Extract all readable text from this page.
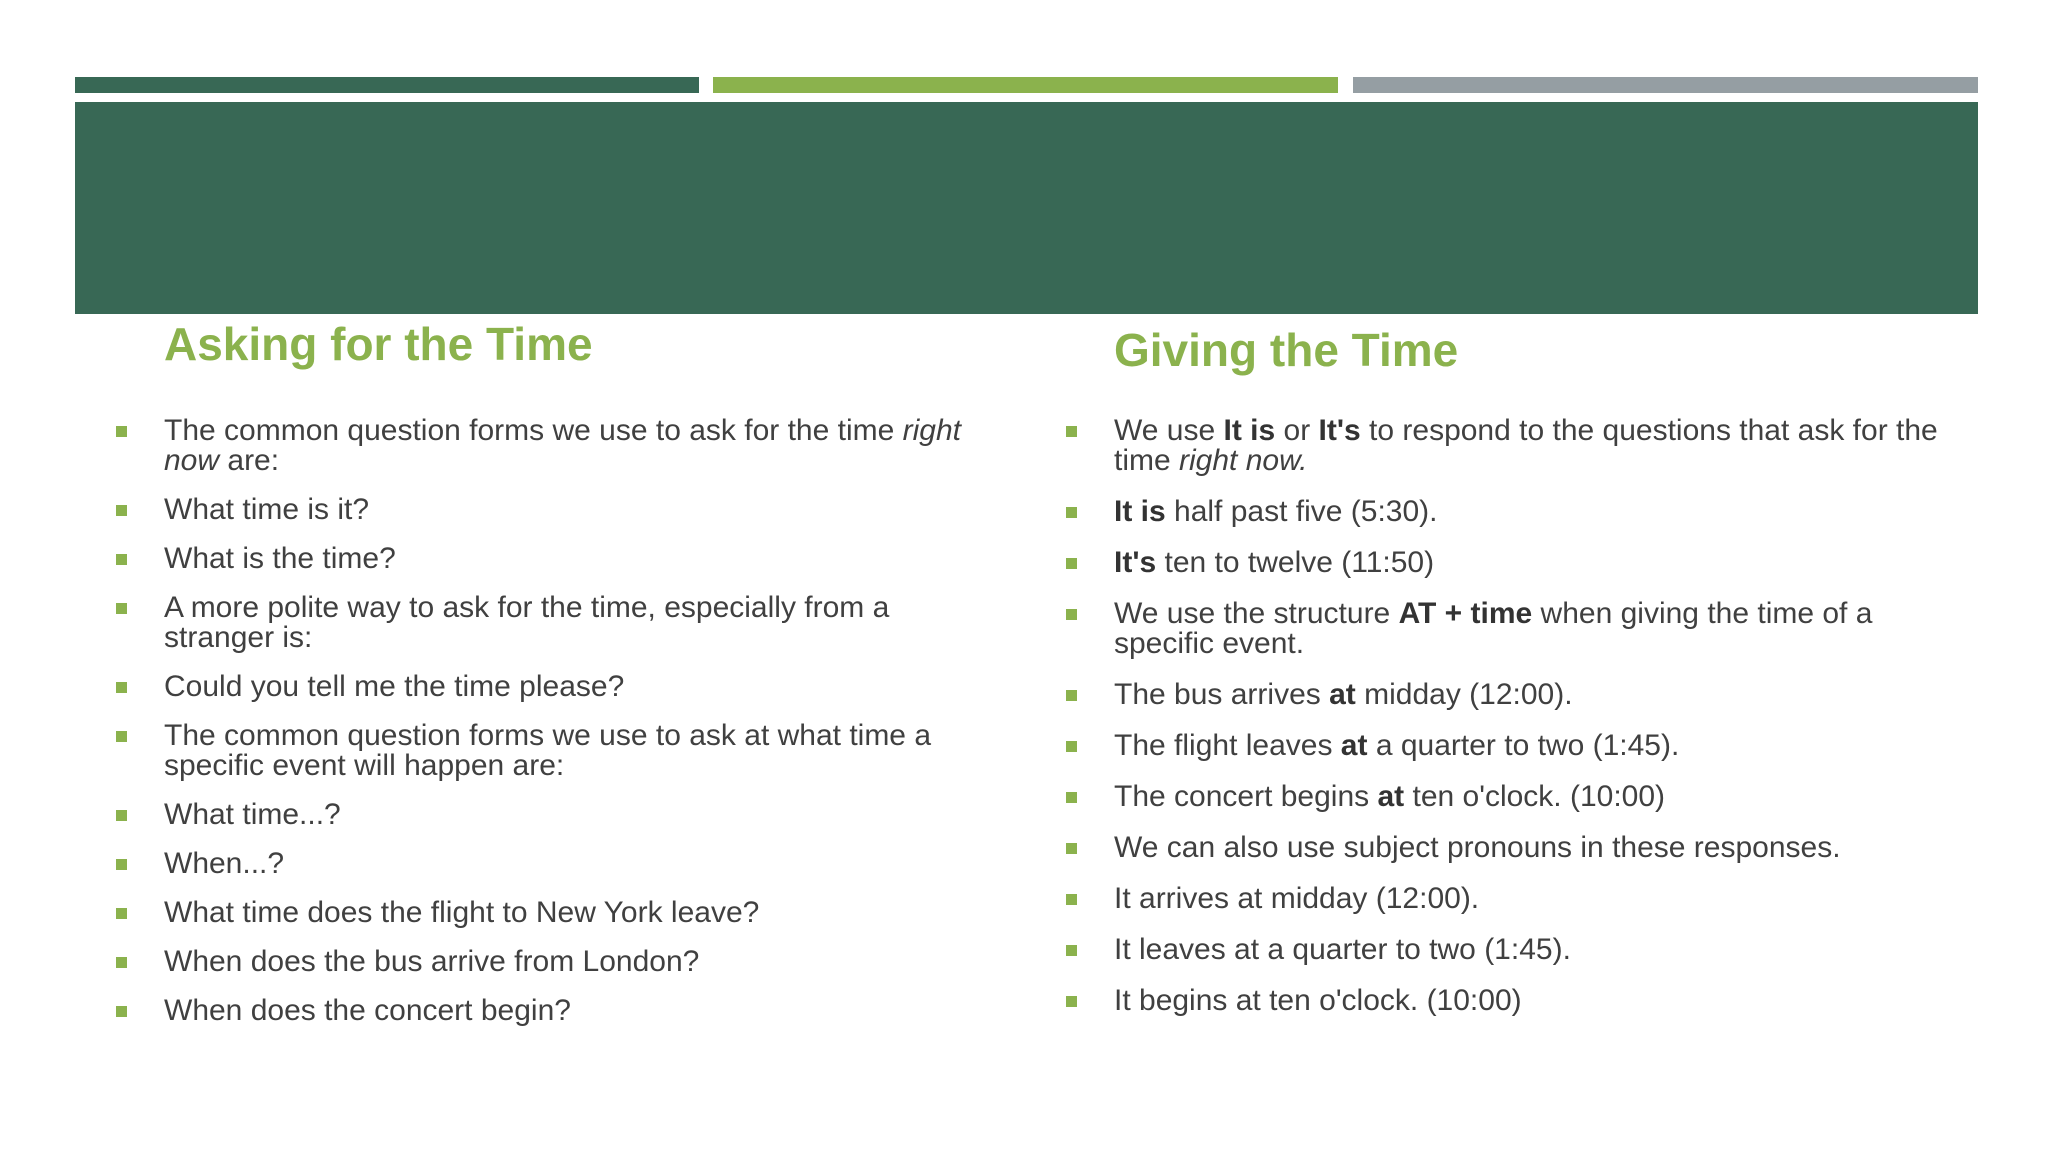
Asking for the Time
The common question forms we use to ask for the time right now are:
What time is it?
What is the time?
A more polite way to ask for the time, especially from a stranger is:
Could you tell me the time please?
The common question forms we use to ask at what time a specific event will happen are:
What time...?
When...?
What time does the flight to New York leave?
When does the bus arrive from London?
When does the concert begin?
Giving the Time
We use It is or It's to respond to the questions that ask for the time right now.
It is half past five (5:30).
It's ten to twelve (11:50)
We use the structure AT + time when giving the time of a specific event.
The bus arrives at midday (12:00).
The flight leaves at a quarter to two (1:45).
The concert begins at ten o'clock. (10:00)
We can also use subject pronouns in these responses.
It arrives at midday (12:00).
It leaves at a quarter to two (1:45).
It begins at ten o'clock. (10:00)
